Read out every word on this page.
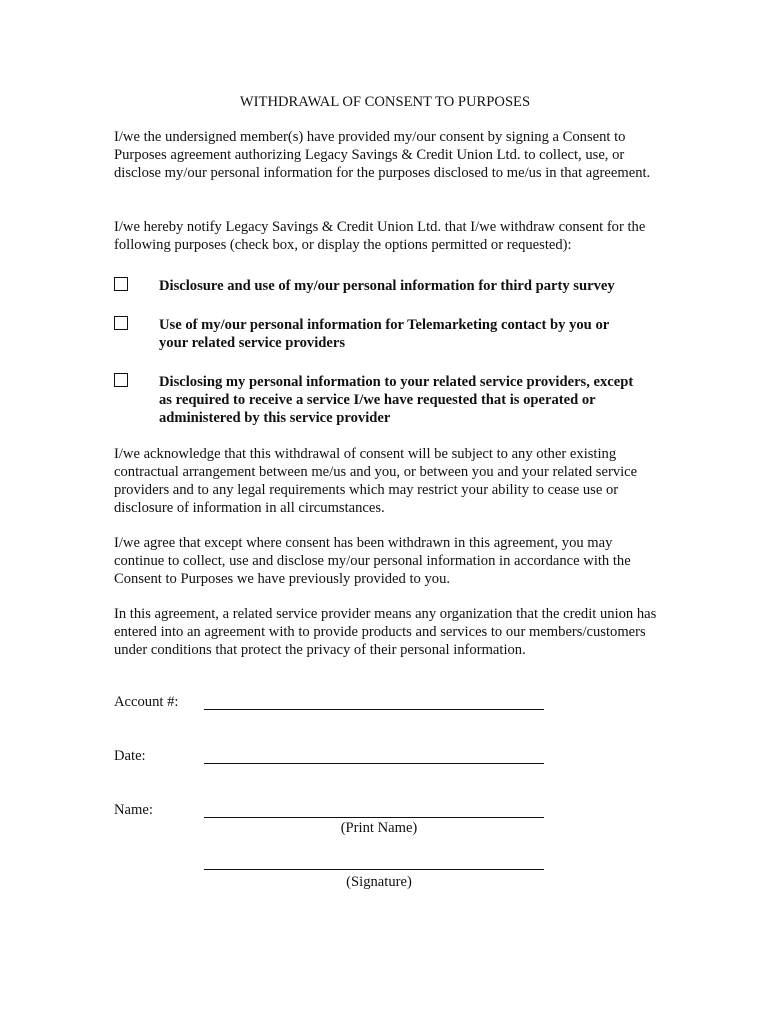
WITHDRAWAL OF CONSENT TO PURPOSES
I/we the undersigned member(s) have provided my/our consent by signing a Consent to Purposes agreement authorizing Legacy Savings & Credit Union Ltd. to collect, use, or disclose my/our personal information for the purposes disclosed to me/us in that agreement.
I/we hereby notify Legacy Savings & Credit Union Ltd. that I/we withdraw consent for the following purposes (check box, or display the options permitted or requested):
Disclosure and use of my/our personal information for third party survey
Use of my/our personal information for Telemarketing contact by you or your related service providers
Disclosing my personal information to your related service providers, except as required to receive a service I/we have requested that is operated or administered by this service provider
I/we acknowledge that this withdrawal of consent will be subject to any other existing contractual arrangement between me/us and you, or between you and your related service providers and to any legal requirements which may restrict your ability to cease use or disclosure of information in all circumstances.
I/we agree that except where consent has been withdrawn in this agreement, you may continue to collect, use and disclose my/our personal information in accordance with the Consent to Purposes we have previously provided to you.
In this agreement, a related service provider means any organization that the credit union has entered into an agreement with to provide products and services to our members/customers under conditions that protect the privacy of their personal information.
Account #:
Date:
Name:
(Print Name)
(Signature)
